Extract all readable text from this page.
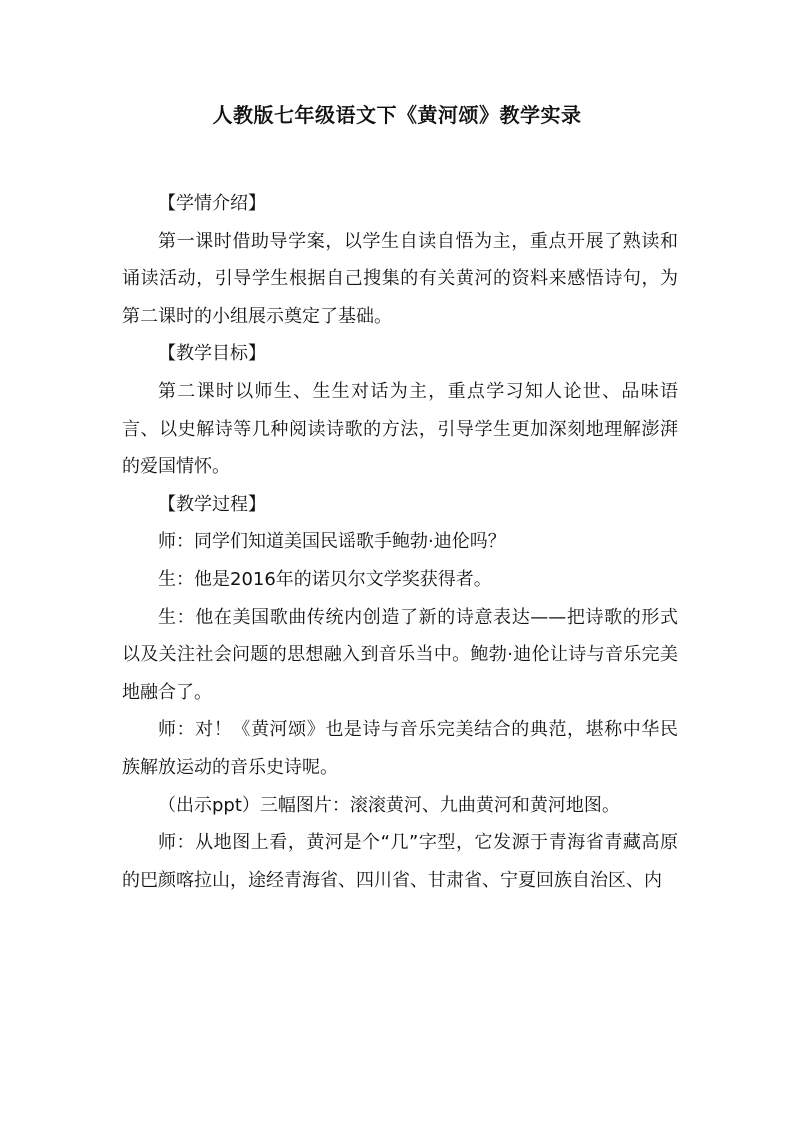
人教版七年级语文下《黄河颂》教学实录

【学情介绍】

第一课时借助导学案，以学生自读自悟为主，重点开展了熟读和诵读活动，引导学生根据自己搜集的有关黄河的资料来感悟诗句，为第二课时的小组展示奠定了基础。

【教学目标】

第二课时以师生、生生对话为主，重点学习知人论世、品味语言、以史解诗等几种阅读诗歌的方法，引导学生更加深刻地理解澎湃的爱国情怀。

【教学过程】

师：同学们知道美国民谣歌手鲍勃·迪伦吗？

生：他是2016年的诺贝尔文学奖获得者。

生：他在美国歌曲传统内创造了新的诗意表达——把诗歌的形式以及关注社会问题的思想融入到音乐当中。鲍勃·迪伦让诗与音乐完美地融合了。

师：对！《黄河颂》也是诗与音乐完美结合的典范，堪称中华民族解放运动的音乐史诗呢。

（出示ppt）三幅图片：滚滚黄河、九曲黄河和黄河地图。

师：从地图上看，黄河是个“几”字型，它发源于青海省青藏高原的巴颜喀拉山，途经青海省、四川省、甘肃省、宁夏回族自治区、内
